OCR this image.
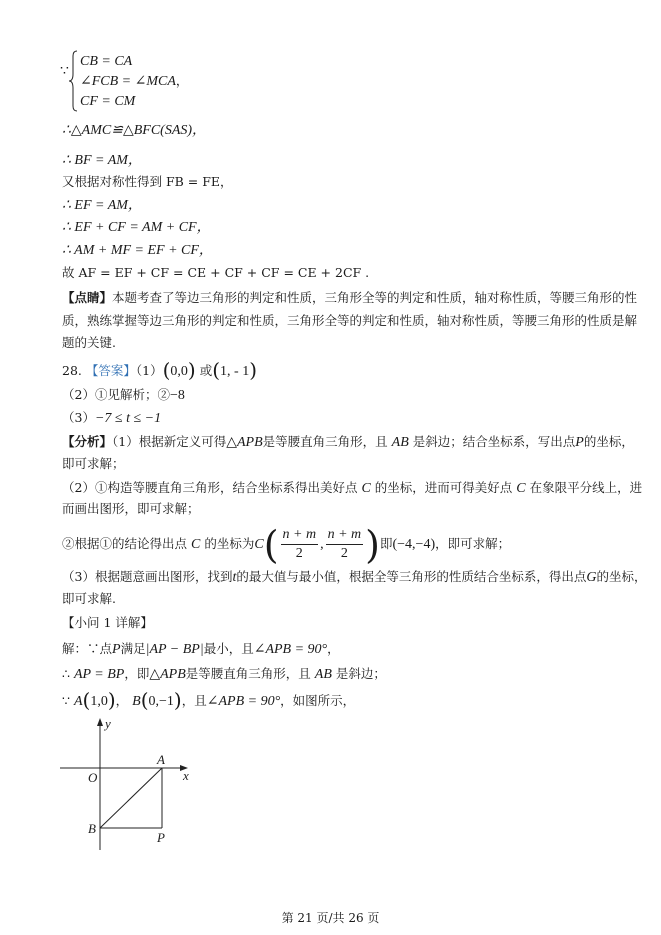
∵
CB = CA
∠FCB = ∠MCA，
CF = CM
∴△AMC≌△BFC(SAS)，
∴ BF = AM，
又根据对称性得到 FB = FE，
∴ EF = AM，
∴ EF + CF = AM + CF，
∴ AM + MF = EF + CF，
故 AF = EF + CF = CE + CF + CF = CE + 2CF .
【点睛】本题考查了等边三角形的判定和性质，三角形全等的判定和性质，轴对称性质，等腰三角形的性
质，熟练掌握等边三角形的判定和性质，三角形全等的判定和性质，轴对称性质，等腰三角形的性质是解
题的关键.
28. 【答案】（1）(0,0) 或(1, - 1)
（2）①见解析；②−8
（3）−7 ≤ t ≤ −1
【分析】（1）根据新定义可得△APB是等腰直角三角形，且 AB 是斜边；结合坐标系，写出点P的坐标，
即可求解；
（2）①构造等腰直角三角形，结合坐标系得出美好点 C 的坐标，进而可得美好点 C 在象限平分线上，进
而画出图形，即可求解；
②根据①的结论得出点 C 的坐标为$C( \frac{n + m}{2}$ , $\frac{n + m}{2}$ )即(−4,−4)，即可求解；
（3）根据题意画出图形，找到t的最大值与最小值，根据全等三角形的性质结合坐标系，得出点G的坐标，
即可求解.
【小问 1 详解】
解：∵点P满足|AP − BP|最小，且∠APB = 90°，
∴ AP = BP，即△APB是等腰直角三角形，且 AB 是斜边；
∵ A(1,0)， B(0,−1)，且∠APB = 90°，如图所示，
y
x
O
A
B
P
第 21 页/共 26 页
